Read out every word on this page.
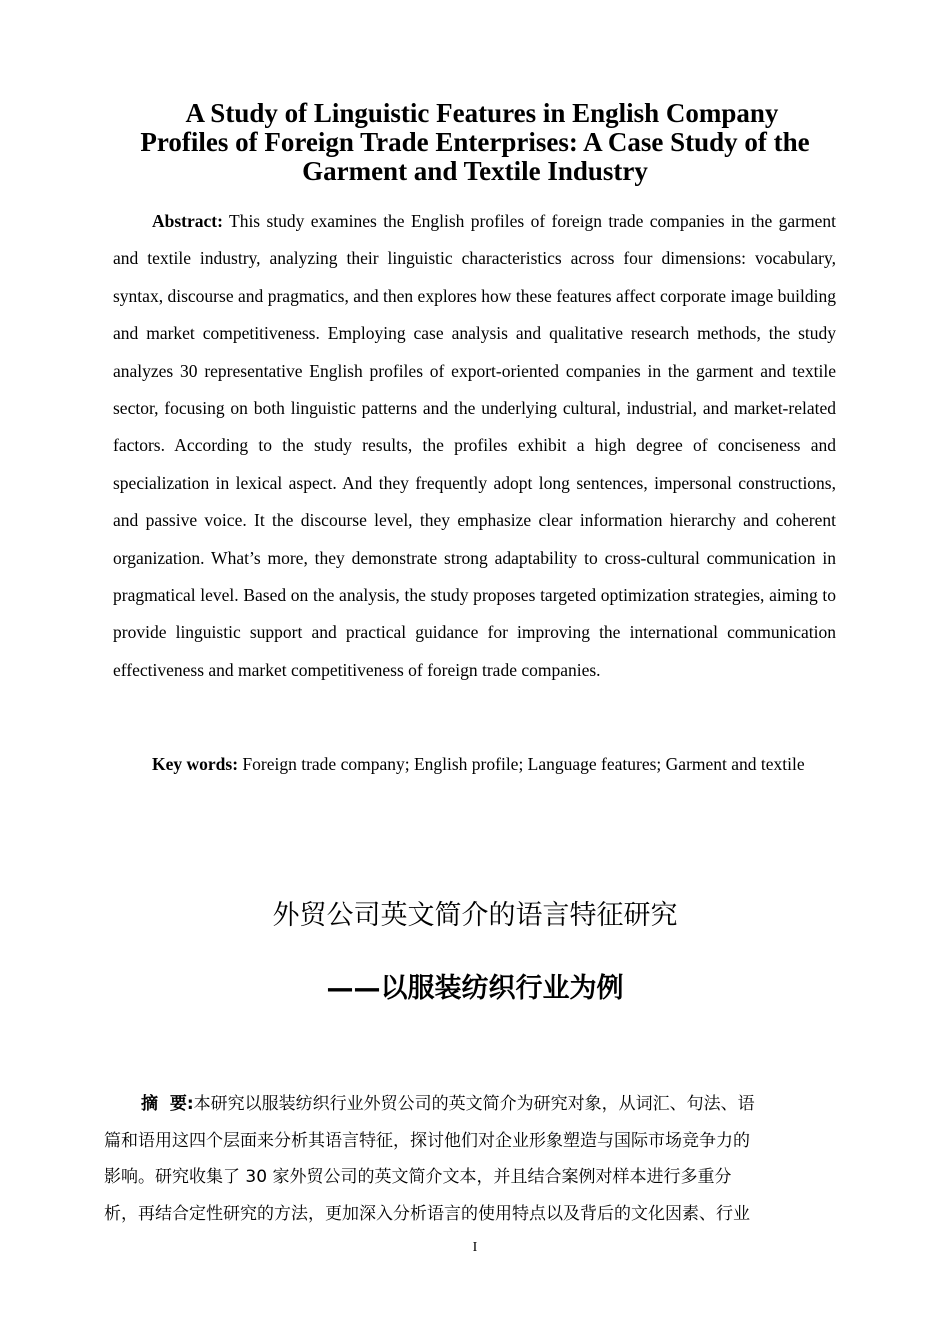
A Study of Linguistic Features in English Company
Profiles of Foreign Trade Enterprises: A Case Study of the
Garment and Textile Industry

Abstract: This study examines the English profiles of foreign trade companies in the garment and textile industry, analyzing their linguistic characteristics across four dimensions: vocabulary, syntax, discourse and pragmatics, and then explores how these features affect corporate image building and market competitiveness. Employing case analysis and qualitative research methods, the study analyzes 30 representative English profiles of export-oriented companies in the garment and textile sector, focusing on both linguistic patterns and the underlying cultural, industrial, and market-related factors. According to the study results, the profiles exhibit a high degree of conciseness and specialization in lexical aspect. And they frequently adopt long sentences, impersonal constructions, and passive voice. It the discourse level, they emphasize clear information hierarchy and coherent organization. What’s more, they demonstrate strong adaptability to cross-cultural communication in pragmatical level. Based on the analysis, the study proposes targeted optimization strategies, aiming to provide linguistic support and practical guidance for improving the international communication effectiveness and market competitiveness of foreign trade companies.

Key words: Foreign trade company; English profile; Language features; Garment and textile

外贸公司英文简介的语言特征研究
——以服装纺织行业为例
摘  要:本研究以服装纺织行业外贸公司的英文简介为研究对象，从词汇、句法、语
篇和语用这四个层面来分析其语言特征，探讨他们对企业形象塑造与国际市场竞争力的
影响。研究收集了 30 家外贸公司的英文简介文本，并且结合案例对样本进行多重分
析，再结合定性研究的方法，更加深入分析语言的使用特点以及背后的文化因素、行业
I
